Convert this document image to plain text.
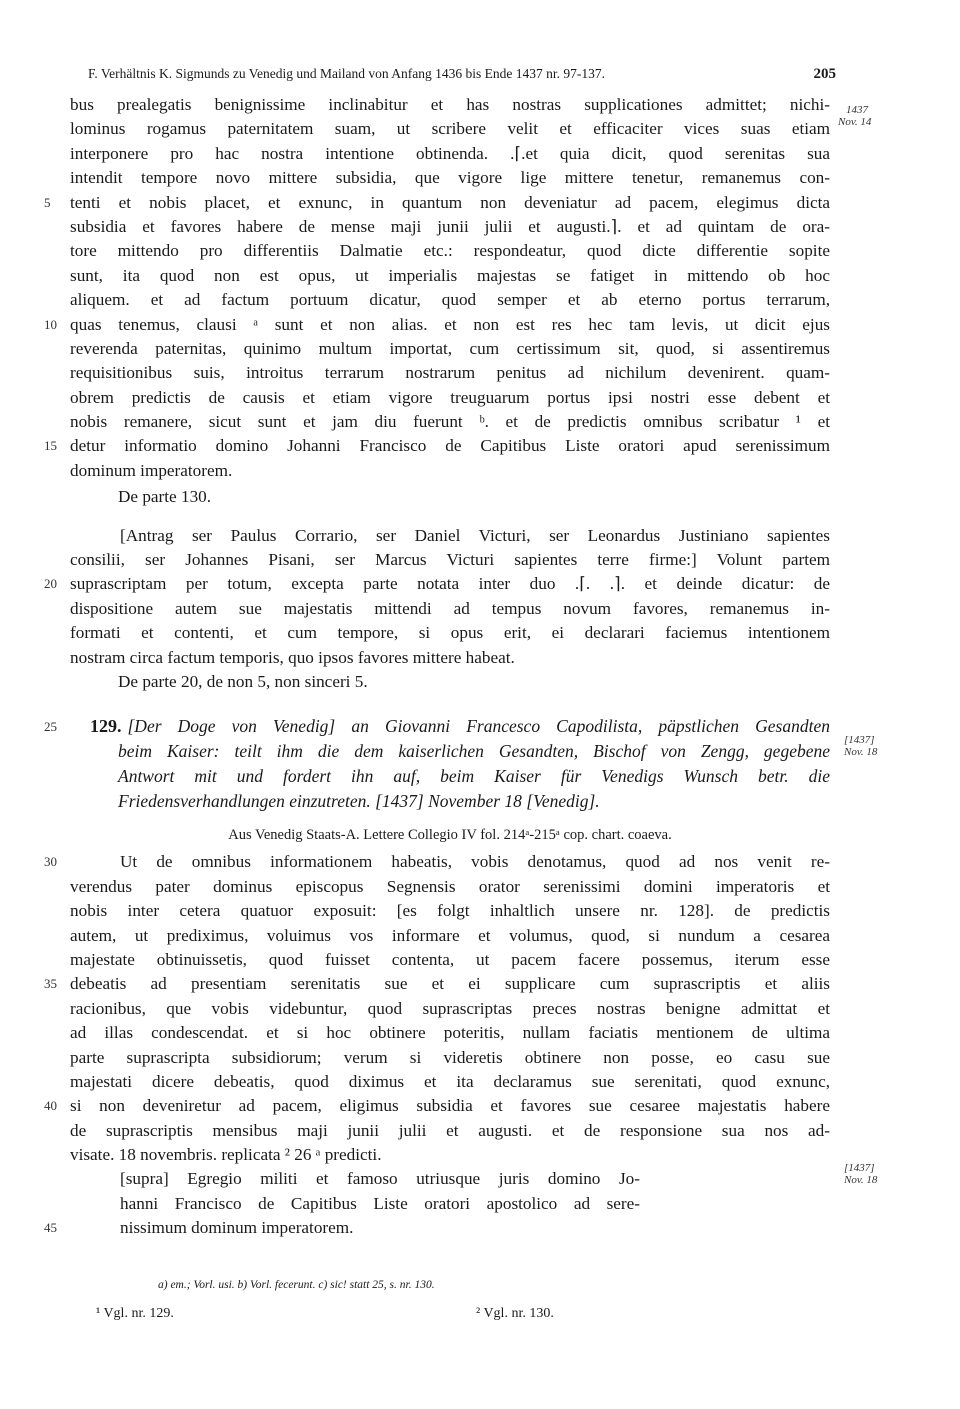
F. Verhältnis K. Sigmunds zu Venedig und Mailand von Anfang 1436 bis Ende 1437 nr. 97-137.	205
1437
Nov. 14
[1437]
Nov. 18
[1437]
Nov. 18
bus prealegatis benignissime inclinabitur et has nostras supplicationes admittet; nichi-
lominus rogamus paternitatem suam, ut scribere velit et efficaciter vices suas etiam
interponere pro hac nostra intentione obtinenda. .⌈.et quia dicit, quod serenitas sua
intendit tempore novo mittere subsidia, que vigore lige mittere tenetur, remanemus con-
5	tenti et nobis placet, et exnunc, in quantum non deveniatur ad pacem, elegimus dicta
subsidia et favores habere de mense maji junii julii et augusti.⌉. et ad quintam de ora-
tore mittendo pro differentiis Dalmatie etc.: respondeatur, quod dicte differentie sopite
sunt, ita quod non est opus, ut imperialis majestas se fatiget in mittendo ob hoc
aliquem. et ad factum portuum dicatur, quod semper et ab eterno portus terrarum,
10 quas tenemus, clausi ᵃ sunt et non alias. et non est res hec tam levis, ut dicit ejus
reverenda paternitas, quinimo multum importat, cum certissimum sit, quod, si assentiremus
requisitionibus suis, introitus terrarum nostrarum penitus ad nichilum devenirent. quam-
obrem predictis de causis et etiam vigore treuguarum portus ipsi nostri esse debent et
nobis remanere, sicut sunt et jam diu fuerunt ᵇ. et de predictis omnibus scribatur ¹ et
15 detur informatio domino Johanni Francisco de Capitibus Liste oratori apud serenissimum
dominum imperatorem.
De parte 130.
[Antrag ser Paulus Corrario, ser Daniel Victuri, ser Leonardus Justiniano sapientes
consilii, ser Johannes Pisani, ser Marcus Victuri sapientes terre firme:] Volunt partem
20 suprascriptam per totum, excepta parte notata inter duo .⌈. .⌉. et deinde dicatur: de
dispositione autem sue majestatis mittendi ad tempus novum favores, remanemus in-
formati et contenti, et cum tempore, si opus erit, ei declarari faciemus intentionem
nostram circa factum temporis, quo ipsos favores mittere habeat.
De parte 20, de non 5, non sinceri 5.
25	129. [Der Doge von Venedig] an Giovanni Francesco Capodilista, päpstlichen Gesandten
beim Kaiser: teilt ihm die dem kaiserlichen Gesandten, Bischof von Zengg, gegebene
Antwort mit und fordert ihn auf, beim Kaiser für Venedigs Wunsch betr. die
Friedensverhandlungen einzutreten. [1437] November 18 [Venedig].
Aus Venedig Staats-A. Lettere Collegio IV fol. 214ᵃ-215ᵃ cop. chart. coaeva.
30	Ut de omnibus informationem habeatis, vobis denotamus, quod ad nos venit re-
verendus pater dominus episcopus Segnensis orator serenissimi domini imperatoris et
nobis inter cetera quatuor exposuit: [es folgt inhaltlich unsere nr. 128]. de predictis
autem, ut prediximus, voluimus vos informare et volumus, quod, si nundum a cesarea
majestate obtinuissetis, quod fuisset contenta, ut pacem facere possemus, iterum esse
35 debeatis ad presentiam serenitatis sue et ei supplicare cum suprascriptis et aliis
racionibus, que vobis videbuntur, quod suprascriptas preces nostras benigne admittat et
ad illas condescendat. et si hoc obtinere poteritis, nullam faciatis mentionem de ultima
parte suprascripta subsidiorum; verum si videretis obtinere non posse, eo casu sue
majestati dicere debeatis, quod diximus et ita declaramus sue serenitati, quod exnunc,
40 si non deveniretur ad pacem, eligimus subsidia et favores sue cesaree majestatis habere
de suprascriptis mensibus maji junii julii et augusti. et de responsione sua nos ad-
visate. 18 novembris. replicata ² 26 ᵃ predicti.
[supra] Egregio militi et famoso utriusque juris domino Jo-
hanni Francisco de Capitibus Liste oratori apostolico ad sere-
45	nissimum dominum imperatorem.
a) em.; Vorl. usi. b) Vorl. fecerunt. c) sic! statt 25, s. nr. 130.
¹ Vgl. nr. 129.	² Vgl. nr. 130.
